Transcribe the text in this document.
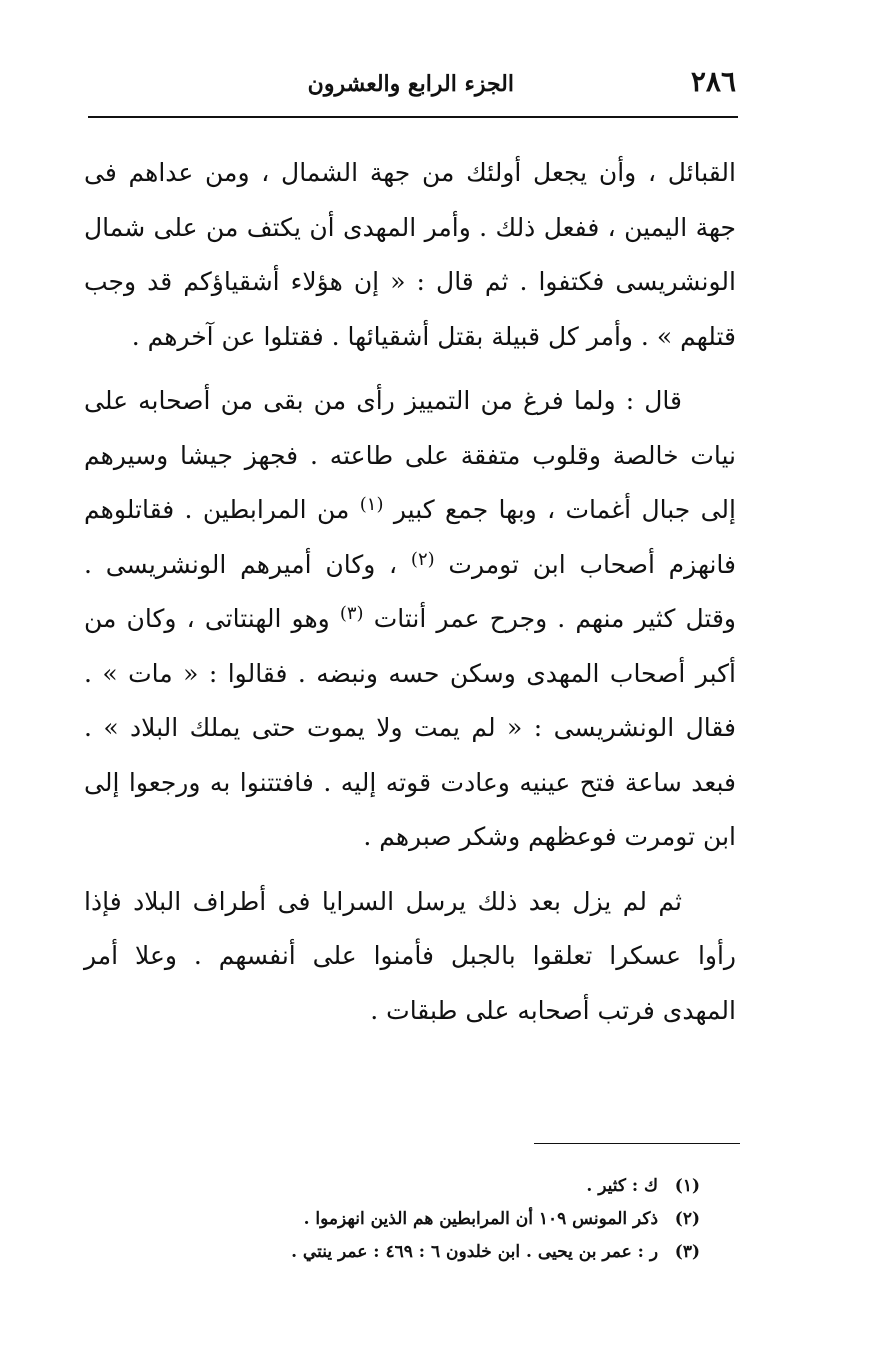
٢٨٦
الجزء الرابع والعشرون

القبائل ، وأن يجعل أولئك من جهة الشمال ، ومن عداهم فى جهة اليمين ، ففعل ذلك . وأمر المهدى أن يكتف من على شمال الونشريسى فكتفوا . ثم قال : « إن هؤلاء أشقياؤكم قد وجب قتلهم » . وأمر كل قبيلة بقتل أشقيائها . فقتلوا عن آخرهم .

قال : ولما فرغ من التمييز رأى من بقى من أصحابه على نيات خالصة وقلوب متفقة على طاعته . فجهز جيشا وسيرهم إلى جبال أغمات ، وبها جمع كبير $^{(١)}$ من المرابطين . فقاتلوهم فانهزم أصحاب ابن تومرت $^{(٢)}$ ، وكان أميرهم الونشريسى . وقتل كثير منهم . وجرح عمر أنتات $^{(٣)}$ وهو الهنتاتى ، وكان من أكبر أصحاب المهدى وسكن حسه ونبضه . فقالوا : « مات » . فقال الونشريسى : « لم يمت ولا يموت حتى يملك البلاد » . فبعد ساعة فتح عينيه وعادت قوته إليه . فافتتنوا به ورجعوا إلى ابن تومرت فوعظهم وشكر صبرهم .

ثم لم يزل بعد ذلك يرسل السرايا فى أطراف البلاد فإذا رأوا عسكرا تعلقوا بالجبل فأمنوا على أنفسهم . وعلا أمر المهدى فرتب أصحابه على طبقات .

(١) ك : كثير .
(٢) ذكر المونس ١٠٩ أن المرابطين هم الذين انهزموا .
(٣) ر : عمر بن يحيى . ابن خلدون ٦ : ٤٦٩ : عمر ينتي .
